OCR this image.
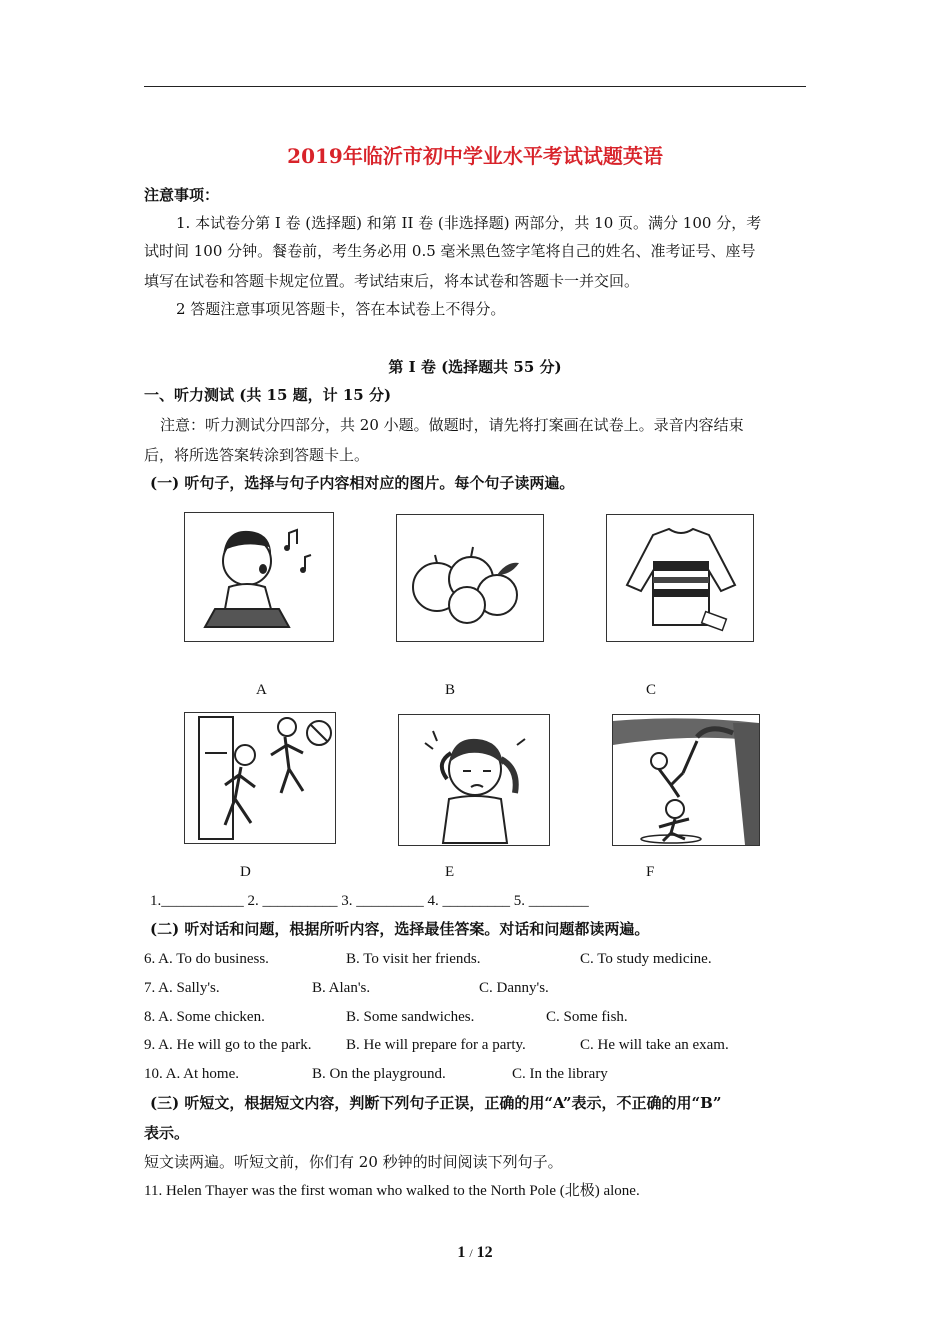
2019年临沂市初中学业水平考试试题英语
注意事项：
1. 本试卷分第 I 卷 (选择题) 和第 II 卷 (非选择题) 两部分，共 10 页。满分 100 分，考
试时间 100 分钟。餐卷前，考生务必用 0.5 毫米黑色签字笔将自己的姓名、准考证号、座号
填写在试卷和答题卡规定位置。考试结束后，将本试卷和答题卡一并交回。
2 答题注意事项见答题卡，答在本试卷上不得分。
第 I 卷 (选择题共 55 分)
一、听力测试 (共 15 题，计 15 分)
注意：听力测试分四部分，共 20 小题。做题时，请先将打案画在试卷上。录音内容结束
后，将所选答案转涂到答题卡上。
(一) 听句子，选择与句子内容相对应的图片。每个句子读两遍。
A	B	C
D	E	F
1.___________ 2. __________ 3. _________ 4. _________ 5. ________
(二) 听对话和问题，根据所听内容，选择最佳答案。对话和问题都读两遍。
6. A. To do business.	B. To visit her friends.	C. To study medicine.
7. A. Sally's.	B. Alan's.	C. Danny's.
8. A. Some chicken.	B. Some sandwiches.	C. Some fish.
9. A. He will go to the park. B. He will prepare for a party.	C. He will take an exam.
10. A. At home.	B. On the playground.	C. In the library
(三) 听短文，根据短文内容，判断下列句子正误，正确的用“A”表示，不正确的用“B”
表示。
短文读两遍。听短文前，你们有 20 秒钟的时间阅读下列句子。
11. Helen Thayer was the first woman who walked to the North Pole (北极) alone.
1 / 12
